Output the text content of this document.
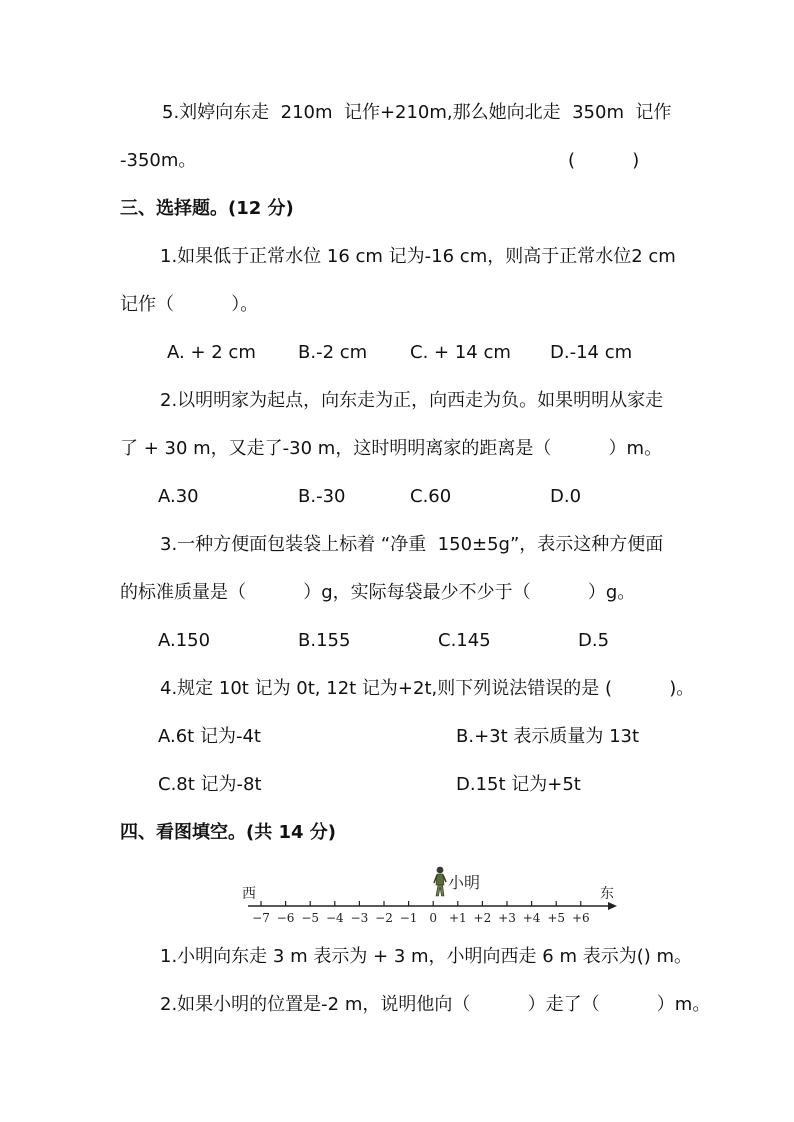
5.刘婷向东走  210m  记作+210m,那么她向北走  350m  记作
-350m。	(          )
三、选择题。(12 分)
1.如果低于正常水位 16 cm 记为-16 cm，则高于正常水位2 cm
记作（          ）。
A. + 2 cm B.-2 cm C. + 14 cm D.-14 cm
2.以明明家为起点，向东走为正，向西走为负。如果明明从家走
了 + 30 m，又走了-30 m，这时明明离家的距离是（          ）m。
A.30	B.-30	C.60	D.0
3.一种方便面包装袋上标着 “净重  150±5g”，表示这种方便面
的标准质量是（          ）g，实际每袋最少不少于（          ）g。
A.150	B.155	C.145	D.5
4.规定 10t 记为 0t, 12t 记为+2t,则下列说法错误的是 (          )。
A.6t 记为-4t	B.+3t 表示质量为 13t
C.8t 记为-8t	D.15t 记为+5t
四、看图填空。(共 14 分)
西	东
小明
−7 −6 −5 −4 −3 −2 −1 0 +1 +2 +3 +4 +5 +6
1.小明向东走 3 m 表示为 + 3 m，小明向西走 6 m 表示为() m。
2.如果小明的位置是-2 m，说明他向（          ）走了（          ）m。
